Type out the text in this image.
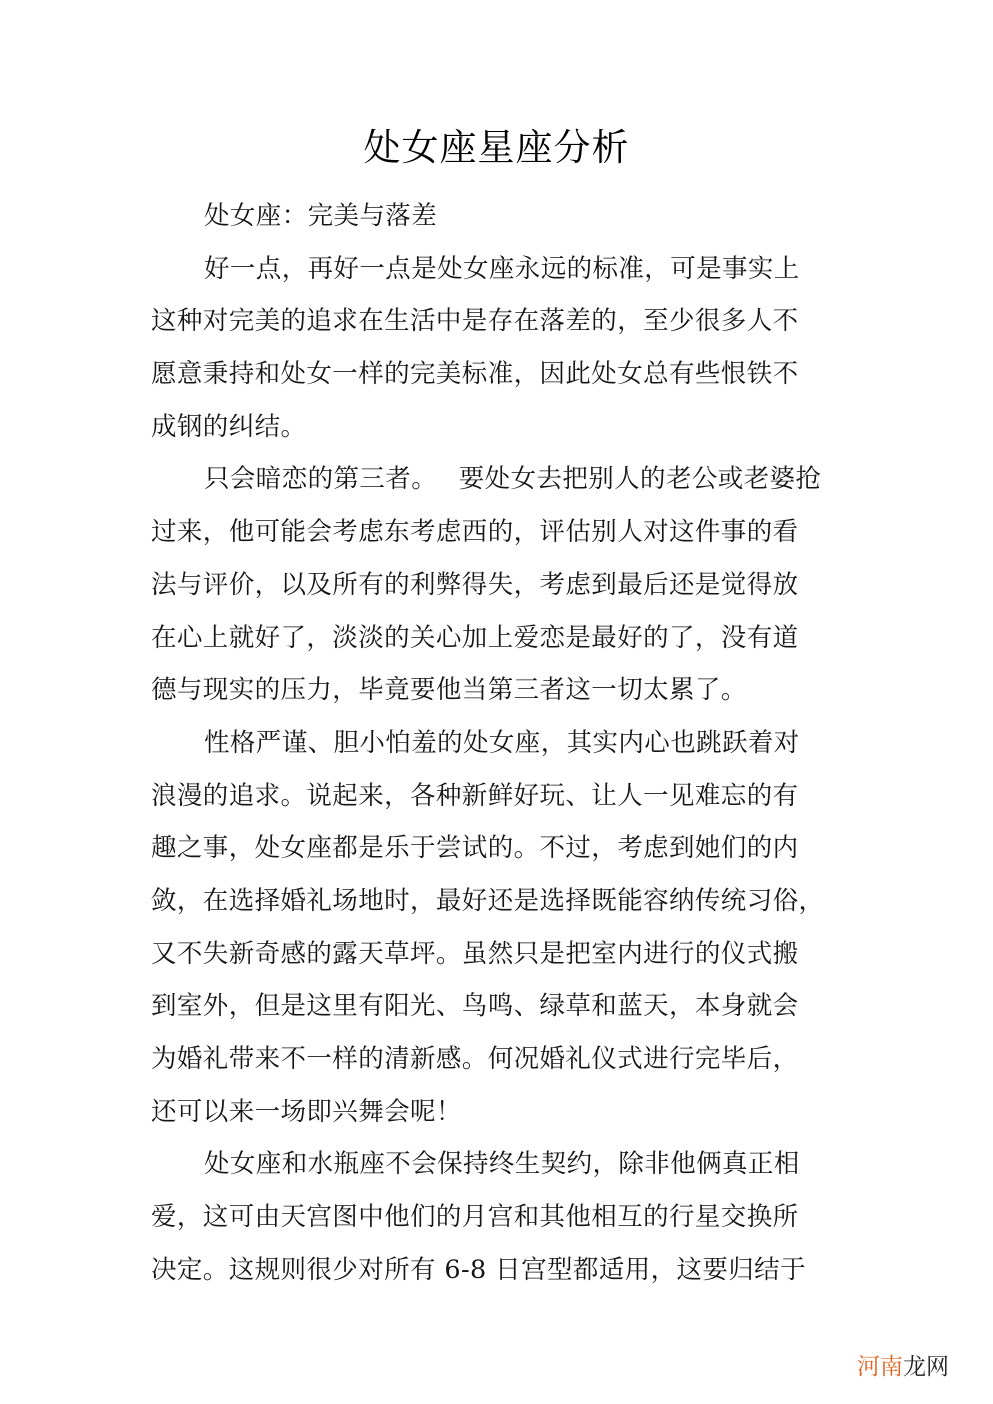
处女座星座分析
处女座：完美与落差
好一点，再好一点是处女座永远的标准，可是事实上
这种对完美的追求在生活中是存在落差的，至少很多人不
愿意秉持和处女一样的完美标准，因此处女总有些恨铁不
成钢的纠结。
只会暗恋的第三者。　 要处女去把别人的老公或老婆抢
过来，他可能会考虑东考虑西的，评估别人对这件事的看
法与评价，以及所有的利弊得失，考虑到最后还是觉得放
在心上就好了，淡淡的关心加上爱恋是最好的了，没有道
德与现实的压力，毕竟要他当第三者这一切太累了。
性格严谨、胆小怕羞的处女座，其实内心也跳跃着对
浪漫的追求。说起来，各种新鲜好玩、让人一见难忘的有
趣之事，处女座都是乐于尝试的。不过，考虑到她们的内
敛，在选择婚礼场地时，最好还是选择既能容纳传统习俗，
又不失新奇感的露天草坪。虽然只是把室内进行的仪式搬
到室外，但是这里有阳光、鸟鸣、绿草和蓝天，本身就会
为婚礼带来不一样的清新感。何况婚礼仪式进行完毕后，
还可以来一场即兴舞会呢！
处女座和水瓶座不会保持终生契约，除非他俩真正相
爱，这可由天宫图中他们的月宫和其他相互的行星交换所
决定。这规则很少对所有 6-8 日宫型都适用，这要归结于
河南龙网
